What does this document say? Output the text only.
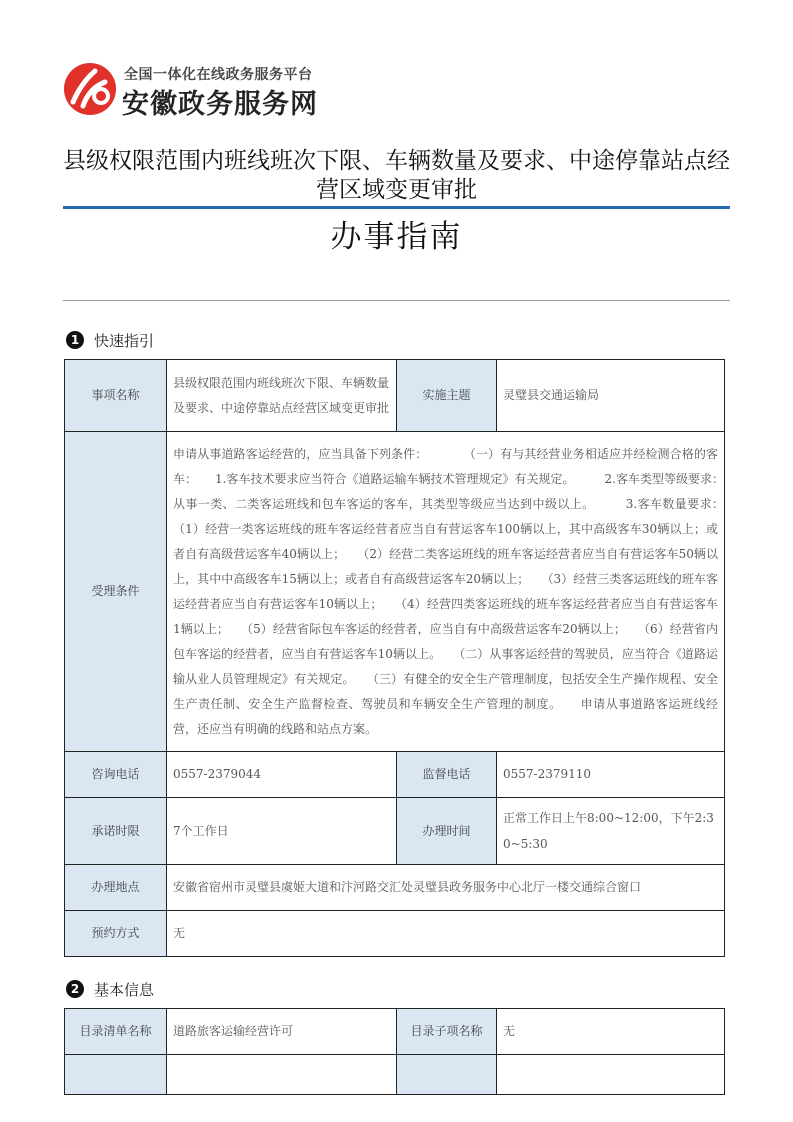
全国一体化在线政务服务平台
安徽政务服务网
县级权限范围内班线班次下限、车辆数量及要求、中途停靠站点经营区域变更审批
办事指南
1 快速指引
事项名称	县级权限范围内班线班次下限、车辆数量及要求、中途停靠站点经营区域变更审批	实施主题	灵璧县交通运输局
受理条件	申请从事道路客运经营的，应当具备下列条件：　　　　（一）有与其经营业务相适应并经检测合格的客车：　　1.客车技术要求应当符合《道路运输车辆技术管理规定》有关规定。　　　2.客车类型等级要求：　　从事一类、二类客运班线和包车客运的客车，其类型等级应当达到中级以上。　　　3.客车数量要求：　　（1）经营一类客运班线的班车客运经营者应当自有营运客车100辆以上，其中高级客车30辆以上；或者自有高级营运客车40辆以上；　　（2）经营二类客运班线的班车客运经营者应当自有营运客车50辆以上，其中中高级客车15辆以上；或者自有高级营运客车20辆以上；　　（3）经营三类客运班线的班车客运经营者应当自有营运客车10辆以上；　　（4）经营四类客运班线的班车客运经营者应当自有营运客车1辆以上；　　（5）经营省际包车客运的经营者，应当自有中高级营运客车20辆以上；　　（6）经营省内包车客运的经营者，应当自有营运客车10辆以上。　　（二）从事客运经营的驾驶员，应当符合《道路运输从业人员管理规定》有关规定。　　（三）有健全的安全生产管理制度，包括安全生产操作规程、安全生产责任制、安全生产监督检查、驾驶员和车辆安全生产管理的制度。　　申请从事道路客运班线经营，还应当有明确的线路和站点方案。		
咨询电话	0557-2379044	监督电话	0557-2379110
承诺时限	7个工作日	办理时间	正常工作日上午8:00~12:00，下午2:30~5:30
办理地点	安徽省宿州市灵璧县虞姬大道和汴河路交汇处灵璧县政务服务中心北厅一楼交通综合窗口		
预约方式	无		
2 基本信息
目录清单名称	道路旅客运输经营许可	目录子项名称	无
